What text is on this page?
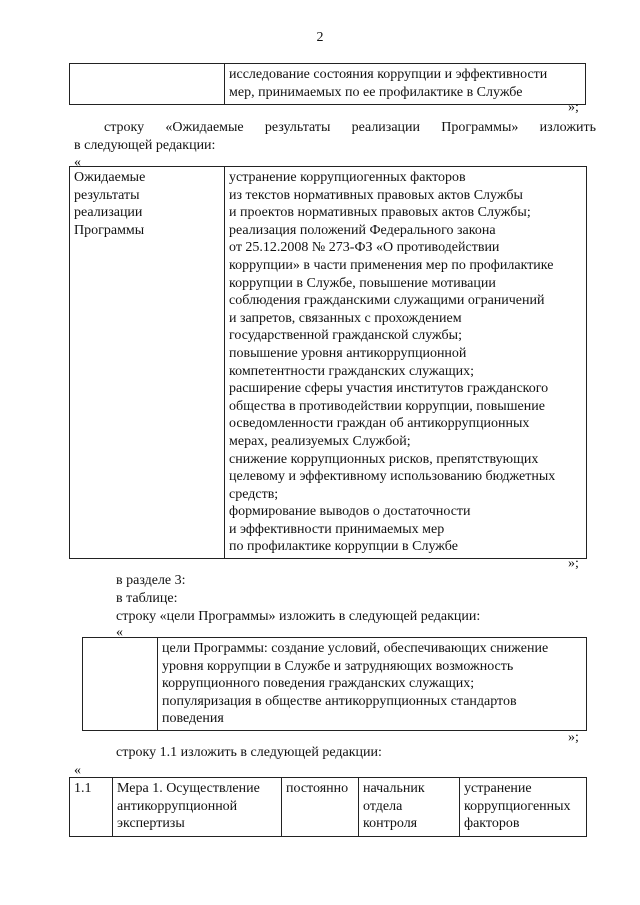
2

исследование состояния коррупции и эффективности
мер, принимаемых по ее профилактике в Службе
»;
строку «Ожидаемые результаты реализации Программы» изложить
в следующей редакции:
«
Ожидаемые
результаты
реализации
Программы

устранение коррупциогенных факторов
из текстов нормативных правовых актов Службы
и проектов нормативных правовых актов Службы;
реализация положений Федерального закона
от 25.12.2008 № 273-ФЗ «О противодействии
коррупции» в части применения мер по профилактике
коррупции в Службе, повышение мотивации
соблюдения гражданскими служащими ограничений
и запретов, связанных с прохождением
государственной гражданской службы;
повышение уровня антикоррупционной
компетентности гражданских служащих;
расширение сферы участия институтов гражданского
общества в противодействии коррупции, повышение
осведомленности граждан об антикоррупционных
мерах, реализуемых Службой;
снижение коррупционных рисков, препятствующих
целевому и эффективному использованию бюджетных
средств;
формирование выводов о достаточности
и эффективности принимаемых мер
по профилактике коррупции в Службе
»;
в разделе 3:
в таблице:
строку «цели Программы» изложить в следующей редакции:
«

цели Программы: создание условий, обеспечивающих снижение
уровня коррупции в Службе и затрудняющих возможность
коррупционного поведения гражданских служащих;
популяризация в обществе антикоррупционных стандартов
поведения
»;
строку 1.1 изложить в следующей редакции:
«
1.1	Мера 1. Осуществление
антикоррупционной
экспертизы

постоянно	начальник
отдела
контроля

устранение
коррупциогенных
факторов
